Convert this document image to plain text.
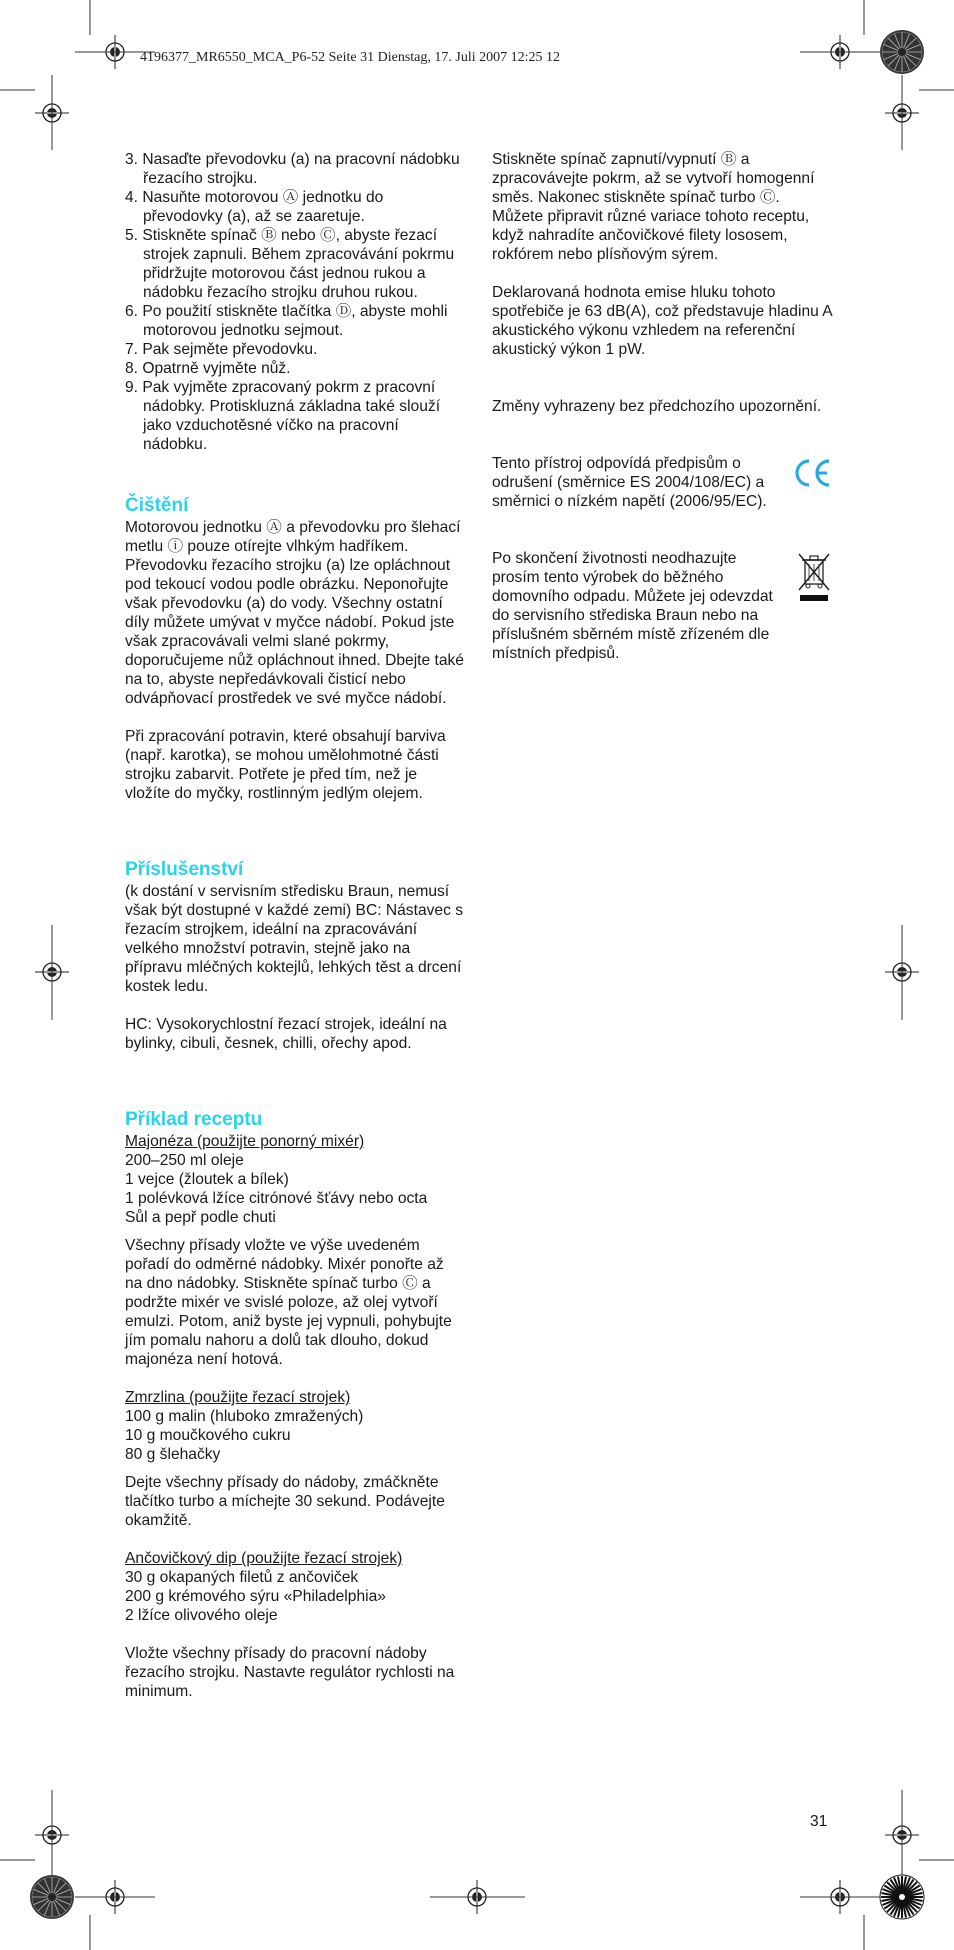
4196377_MR6550_MCA_P6-52 Seite 31 Dienstag, 17. Juli 2007 12:25 12
3. Nasaďte převodovku (a) na pracovní nádobku řezacího strojku.
4. Nasuňte motorovou Ⓐ jednotku do převodovky (a), až se zaaretuje.
5. Stiskněte spínač Ⓑ nebo Ⓒ, abyste řezací strojek zapnuli. Během zpracovávání pokrmu přidržujte motorovou část jednou rukou a nádobku řezacího strojku druhou rukou.
6. Po použití stiskněte tlačítka Ⓓ, abyste mohli motorovou jednotku sejmout.
7. Pak sejměte převodovku.
8. Opatrně vyjměte nůž.
9. Pak vyjměte zpracovaný pokrm z pracovní nádobky. Protiskluzná základna také slouží jako vzduchotěsné víčko na pracovní nádobku.
Čištění

Motorovou jednotku Ⓐ a převodovku pro šlehací metlu ⓘ pouze otírejte vlhkým hadříkem. Převodovku řezacího strojku (a) lze opláchnout pod tekoucí vodou podle obrázku. Neponořujte však převodovku (a) do vody. Všechny ostatní díly můžete umývat v myčce nádobí. Pokud jste však zpracovávali velmi slané pokrmy, doporučujeme nůž opláchnout ihned. Dbejte také na to, abyste nepředávkovali čisticí nebo odvápňovací prostředek ve své myčce nádobí.

Při zpracování potravin, které obsahují barviva (např. karotka), se mohou umělohmotné části strojku zabarvit. Potřete je před tím, než je vložíte do myčky, rostlinným jedlým olejem.

Příslušenství

(k dostání v servisním středisku Braun, nemusí však být dostupné v každé zemi) BC: Nástavec s řezacím strojkem, ideální na zpracovávání velkého množství potravin, stejně jako na přípravu mléčných koktejlů, lehkých těst a drcení kostek ledu.

HC: Vysokorychlostní řezací strojek, ideální na bylinky, cibuli, česnek, chilli, ořechy apod.

Příklad receptu
Majonéza (použijte ponorný mixér)
200–250 ml oleje
1 vejce (žloutek a bílek)
1 polévková lžíce citrónové šťávy nebo octa
Sůl a pepř podle chuti

Všechny přísady vložte ve výše uvedeném pořadí do odměrné nádobky. Mixér ponořte až na dno nádobky. Stiskněte spínač turbo Ⓒ a podržte mixér ve svislé poloze, až olej vytvoří emulzi. Potom, aniž byste jej vypnuli, pohybujte jím pomalu nahoru a dolů tak dlouho, dokud majonéza není hotová.

Zmrzlina (použijte řezací strojek)
100 g malin (hluboko zmražených)
10 g moučkového cukru
80 g šlehačky

Dejte všechny přísady do nádoby, zmáčkněte tlačítko turbo a míchejte 30 sekund. Podávejte okamžitě.

Ančovičkový dip (použijte řezací strojek)
30 g okapaných filetů z ančoviček
200 g krémového sýru «Philadelphia»
2 lžíce olivového oleje

Vložte všechny přísady do pracovní nádoby řezacího strojku. Nastavte regulátor rychlosti na minimum.

Stiskněte spínač zapnutí/vypnutí Ⓑ a zpracovávejte pokrm, až se vytvoří homogenní směs. Nakonec stiskněte spínač turbo Ⓒ.

Můžete připravit různé variace tohoto receptu, když nahradíte ančovičkové filety lososem, rokfórem nebo plísňovým sýrem.

Deklarovaná hodnota emise hluku tohoto spotřebiče je 63 dB(A), což představuje hladinu A akustického výkonu vzhledem na referenční akustický výkon 1 pW.

Změny vyhrazeny bez předchozího upozornění.

Tento přístroj odpovídá předpisům o odrušení (směrnice ES 2004/108/EC) a směrnici o nízkém napětí (2006/95/EC).

Po skončení životnosti neodhazujte prosím tento výrobek do běžného domovního odpadu. Můžete jej odevzdat do servisního střediska Braun nebo na příslušném sběrném místě zřízeném dle místních předpisů.

31
